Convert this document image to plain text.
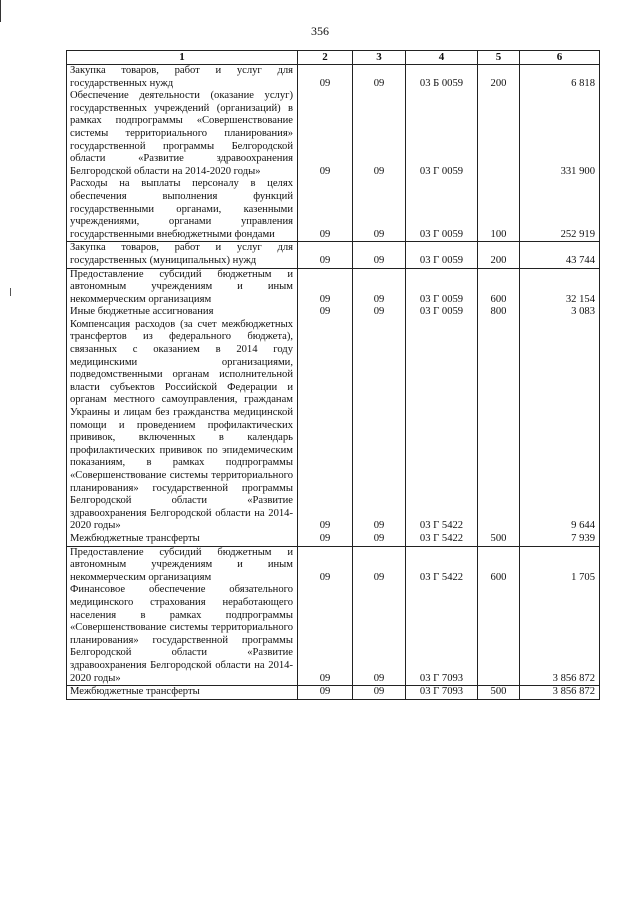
356
1	2	3	4	5	6
Закупка товаров, работ и услуг для государственных нужд	09	09	03 Б 0059	200	6 818
Обеспечение деятельности (оказание услуг) государственных учреждений (организаций) в рамках подпрограммы «Совершенствование системы территориального планирования» государственной программы Белгородской области «Развитие здравоохранения Белгородской области на 2014-2020 годы»	09	09	03 Г 0059		331 900
Расходы на выплаты персоналу в целях обеспечения выполнения функций государственными органами, казенными учреждениями, органами управления государственными внебюджетными фондами	09	09	03 Г 0059	100	252 919
Закупка товаров, работ и услуг для государственных (муниципальных) нужд	09	09	03 Г 0059	200	43 744
Предоставление субсидий бюджетным и автономным учреждениям и иным некоммерческим организациям	09	09	03 Г 0059	600	32 154
Иные бюджетные ассигнования	09	09	03 Г 0059	800	3 083
Компенсация расходов (за счет межбюджетных трансфертов из федерального бюджета), связанных с оказанием в 2014 году медицинскими организациями, подведомственными органам исполнительной власти субъектов Российской Федерации и органам местного самоуправления, гражданам Украины и лицам без гражданства медицинской помощи и проведением профилактических прививок, включенных в календарь профилактических прививок по эпидемическим показаниям, в рамках подпрограммы «Совершенствование системы территориального планирования» государственной программы Белгородской области «Развитие здравоохранения Белгородской области на 2014-2020 годы»	09	09	03 Г 5422		9 644
Межбюджетные трансферты	09	09	03 Г 5422	500	7 939
Предоставление субсидий бюджетным и автономным учреждениям и иным некоммерческим организациям	09	09	03 Г 5422	600	1 705
Финансовое обеспечение обязательного медицинского страхования неработающего населения в рамках подпрограммы «Совершенствование системы территориального планирования» государственной программы Белгородской области «Развитие здравоохранения Белгородской области на 2014-2020 годы»	09	09	03 Г 7093		3 856 872
Межбюджетные трансферты	09	09	03 Г 7093	500	3 856 872
